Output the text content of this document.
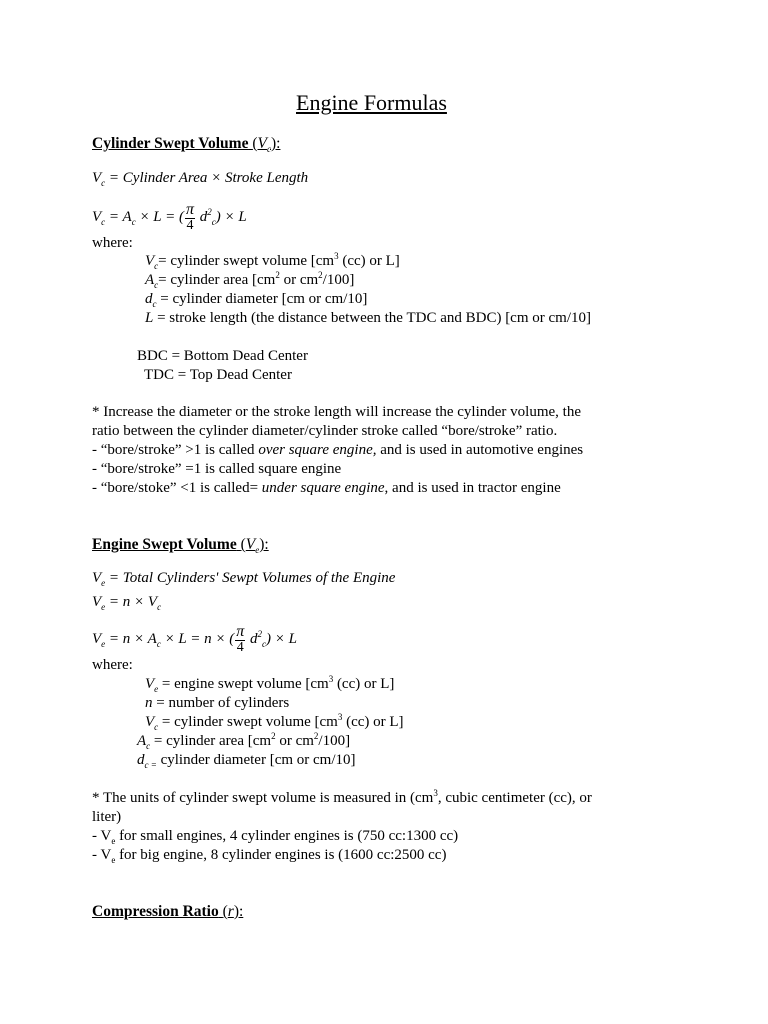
Engine Formulas
Cylinder Swept Volume $(V_c)$:
$V_c$ = Cylinder Area × Stroke Length
$V_c = A_c \times L$ = ( $\frac{\pi}{4} d^2_c) \times L$
where:
$V_c=$ cylinder swept volume [$cm^3$ (cc) or L]
$A_c=$ cylinder area [$cm^2$ or $cm^2/100$]
$d_c$ = cylinder diameter [cm or cm/10]
L = stroke length (the distance between the TDC and BDC) [cm or cm/10]
BDC = Bottom Dead Center
TDC = Top Dead Center
* Increase the diameter or the stroke length will increase the cylinder volume, the
ratio between the cylinder diameter/cylinder stroke called “bore/stroke” ratio.
- “bore/stroke” >1 is called over square engine, and is used in automotive engines
- “bore/stroke” =1 is called square engine
- “bore/stoke” <1 is called= under square engine, and is used in tractor engine
Engine Swept Volume $(V_e)$:
$V_e$ = Total Cylinders' Sewpt Volumes of the Engine
$V_e = n \times V_c$
$V_e = n \times A_c \times L = n$ × ( $\frac{\pi}{4} d^2_c) \times L$
where:
$V_e$ = engine swept volume [$cm^3$ (cc) or L]
n = number of cylinders
$V_c$ = cylinder swept volume [$cm^3$ (cc) or L]
$A_c$ = cylinder area [$cm^2$ or $cm^2/100$]
$d_{c =}$ cylinder diameter [cm or cm/10]
* The units of cylinder swept volume is measured in ($cm^3$, cubic centimeter (cc), or
liter)
- $V_e$ for small engines, 4 cylinder engines is (750 cc:1300 cc)
- $V_e$ for big engine, 8 cylinder engines is (1600 cc:2500 cc)
Compression Ratio (r):
